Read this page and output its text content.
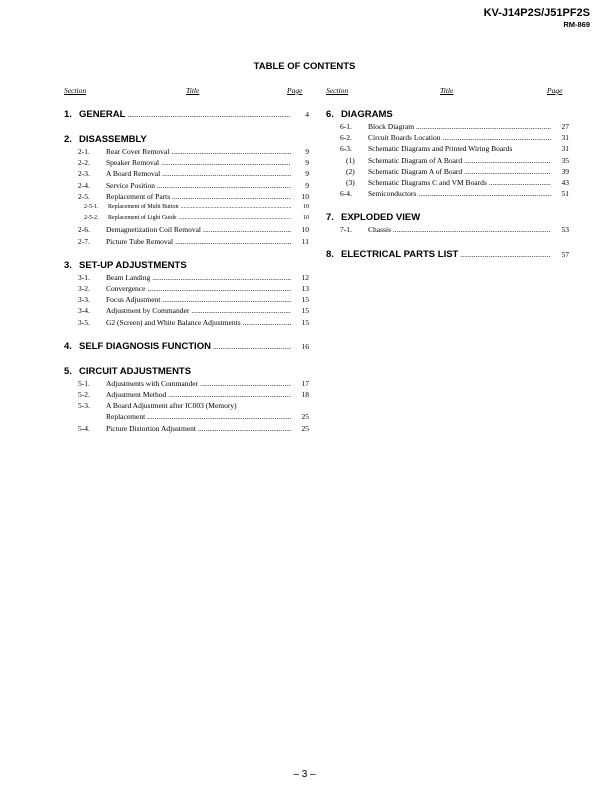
KV-J14P2S/J51PF2S
RM-869
TABLE OF CONTENTS
Section	Title	Page	Section	Title	Page
1. GENERAL .....	4
2. DISASSEMBLY
2-1.	Rear Cover Removal .....	9
2-2.	Speaker Removal .....	9
2-3.	A Board Removal .....	9
2-4.	Service Position .....	9
2-5.	Replacement of Parts .....	10
2-5-1.	Replacement of Multi Button .....	10
2-5-2.	Replacement of Light Guide .....	10
2-6.	Demagnetization Coil Removal .....	10
2-7.	Picture Tube Removal .....	11
3. SET-UP ADJUSTMENTS
3-1.	Beam Landing .....	12
3-2.	Convergence .....	13
3-3.	Focus Adjustment .....	15
3-4.	Adjustment by Commander .....	15
3-5.	G2 (Screen) and White Balance Adjustments .....	15
4. SELF DIAGNOSIS FUNCTION .....	16
5. CIRCUIT ADJUSTMENTS
5-1.	Adjustments with Commander .....	17
5-2.	Adjustment Method .....	18
5-3.	A Board Adjustment after IC003 (Memory)
Replacement .....	25
5-4.	Picture Distortion Adjustment .....	25
6. DIAGRAMS
6-1.	Block Diagram .....	27
6-2.	Circuit Boards Location .....	31
6-3.	Schematic Diagrams and Printed Wiring Boards	31
(1)	Schematic Diagram of A Board .....	35
(2)	Schematic Diagram A of Board .....	39
(3)	Schematic Diagrams C and VM Boards .....	43
6-4.	Semiconductors .....	51
7. EXPLODED VIEW
7-1.	Chassis .....	53
8. ELECTRICAL PARTS LIST .....	57
– 3 –
